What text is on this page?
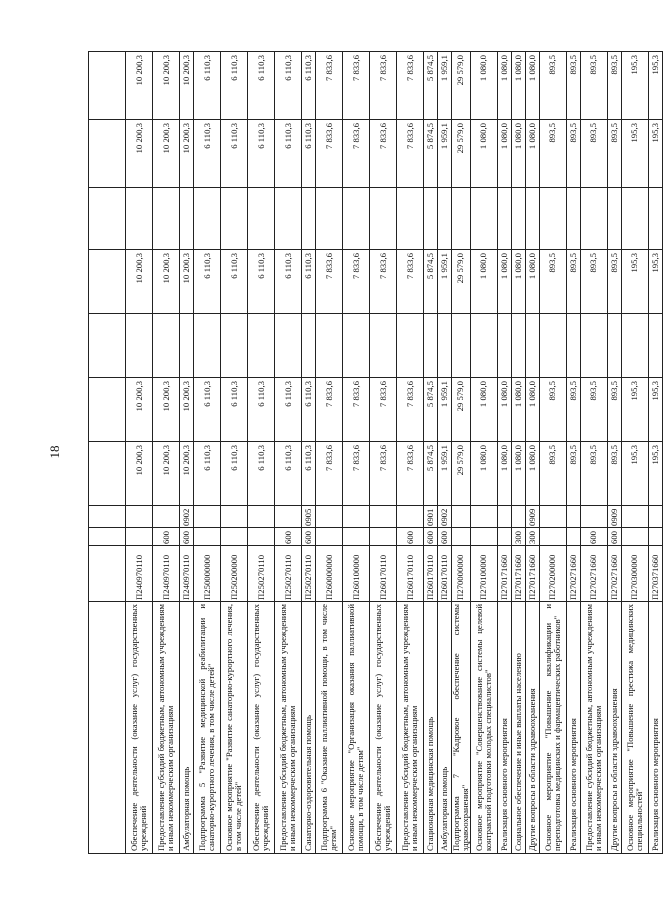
18

Обеспечение деятельности (оказание услуг) государственных учреждений	П240970110			10 200,3	10 200,3		10 200,3		10 200,3	10 200,3
Предоставление субсидий бюджетным, автономным учреждениям и иным некоммерческим организациям	П240970110	600		10 200,3	10 200,3		10 200,3		10 200,3	10 200,3
Амбулаторная помощь	П240970110	600	0902	10 200,3	10 200,3		10 200,3		10 200,3	10 200,3
Подпрограмма 5 "Развитие медицинской реабилитации и санаторно-курортного лечения, в том числе детей"	П250000000			6 110,3	6 110,3		6 110,3		6 110,3	6 110,3
Основное мероприятие "Развитие санаторно-курортного лечения, в том числе детей"	П250200000			6 110,3	6 110,3		6 110,3		6 110,3	6 110,3
Обеспечение деятельности (оказание услуг) государственных учреждений	П250270110			6 110,3	6 110,3		6 110,3		6 110,3	6 110,3
Предоставление субсидий бюджетным, автономным учреждениям и иным некоммерческим организациям	П250270110	600		6 110,3	6 110,3		6 110,3		6 110,3	6 110,3
Санаторно-оздоровительная помощь	П250270110	600	0905	6 110,3	6 110,3		6 110,3		6 110,3	6 110,3
Подпрограмма 6 "Оказание паллиативной помощи, в том числе детям"	П260000000			7 833,6	7 833,6		7 833,6		7 833,6	7 833,6
Основное мероприятие "Организация оказания паллиативной помощи, в том числе детям"	П260100000			7 833,6	7 833,6		7 833,6		7 833,6	7 833,6
Обеспечение деятельности (оказание услуг) государственных учреждений	П260170110			7 833,6	7 833,6		7 833,6		7 833,6	7 833,6
Предоставление субсидий бюджетным, автономным учреждениям и иным некоммерческим организациям	П260170110	600		7 833,6	7 833,6		7 833,6		7 833,6	7 833,6
Стационарная медицинская помощь	П260170110	600	0901	5 874,5	5 874,5		5 874,5		5 874,5	5 874,5
Амбулаторная помощь	П260170110	600	0902	1 959,1	1 959,1		1 959,1		1 959,1	1 959,1
Подпрограмма 7 "Кадровое обеспечение системы здравоохранения"	П270000000			29 579,0	29 579,0		29 579,0		29 579,0	29 579,0
Основное мероприятие "Совершенствование системы целевой контрактной подготовки молодых специалистов"	П270100000			1 080,0	1 080,0		1 080,0		1 080,0	1 080,0
Реализация основного мероприятия	П270171660			1 080,0	1 080,0		1 080,0		1 080,0	1 080,0
Социальное обеспечение и иные выплаты населению	П270171660	300		1 080,0	1 080,0		1 080,0		1 080,0	1 080,0
Другие вопросы в области здравоохранения	П270171660	300	0909	1 080,0	1 080,0		1 080,0		1 080,0	1 080,0
Основное мероприятие "Повышение квалификации и переподготовка медицинских и фармацевтических работников"	П270200000			893,5	893,5		893,5		893,5	893,5
Реализация основного мероприятия	П270271660			893,5	893,5		893,5		893,5	893,5
Предоставление субсидий бюджетным, автономным учреждениям и иным некоммерческим организациям	П270271660	600		893,5	893,5		893,5		893,5	893,5
Другие вопросы в области здравоохранения	П270271660	600	0909	893,5	893,5		893,5		893,5	893,5
Основное мероприятие "Повышение престижа медицинских специальностей"	П270300000			195,3	195,3		195,3		195,3	195,3
Реализация основного мероприятия	П270371660			195,3	195,3		195,3		195,3	195,3
